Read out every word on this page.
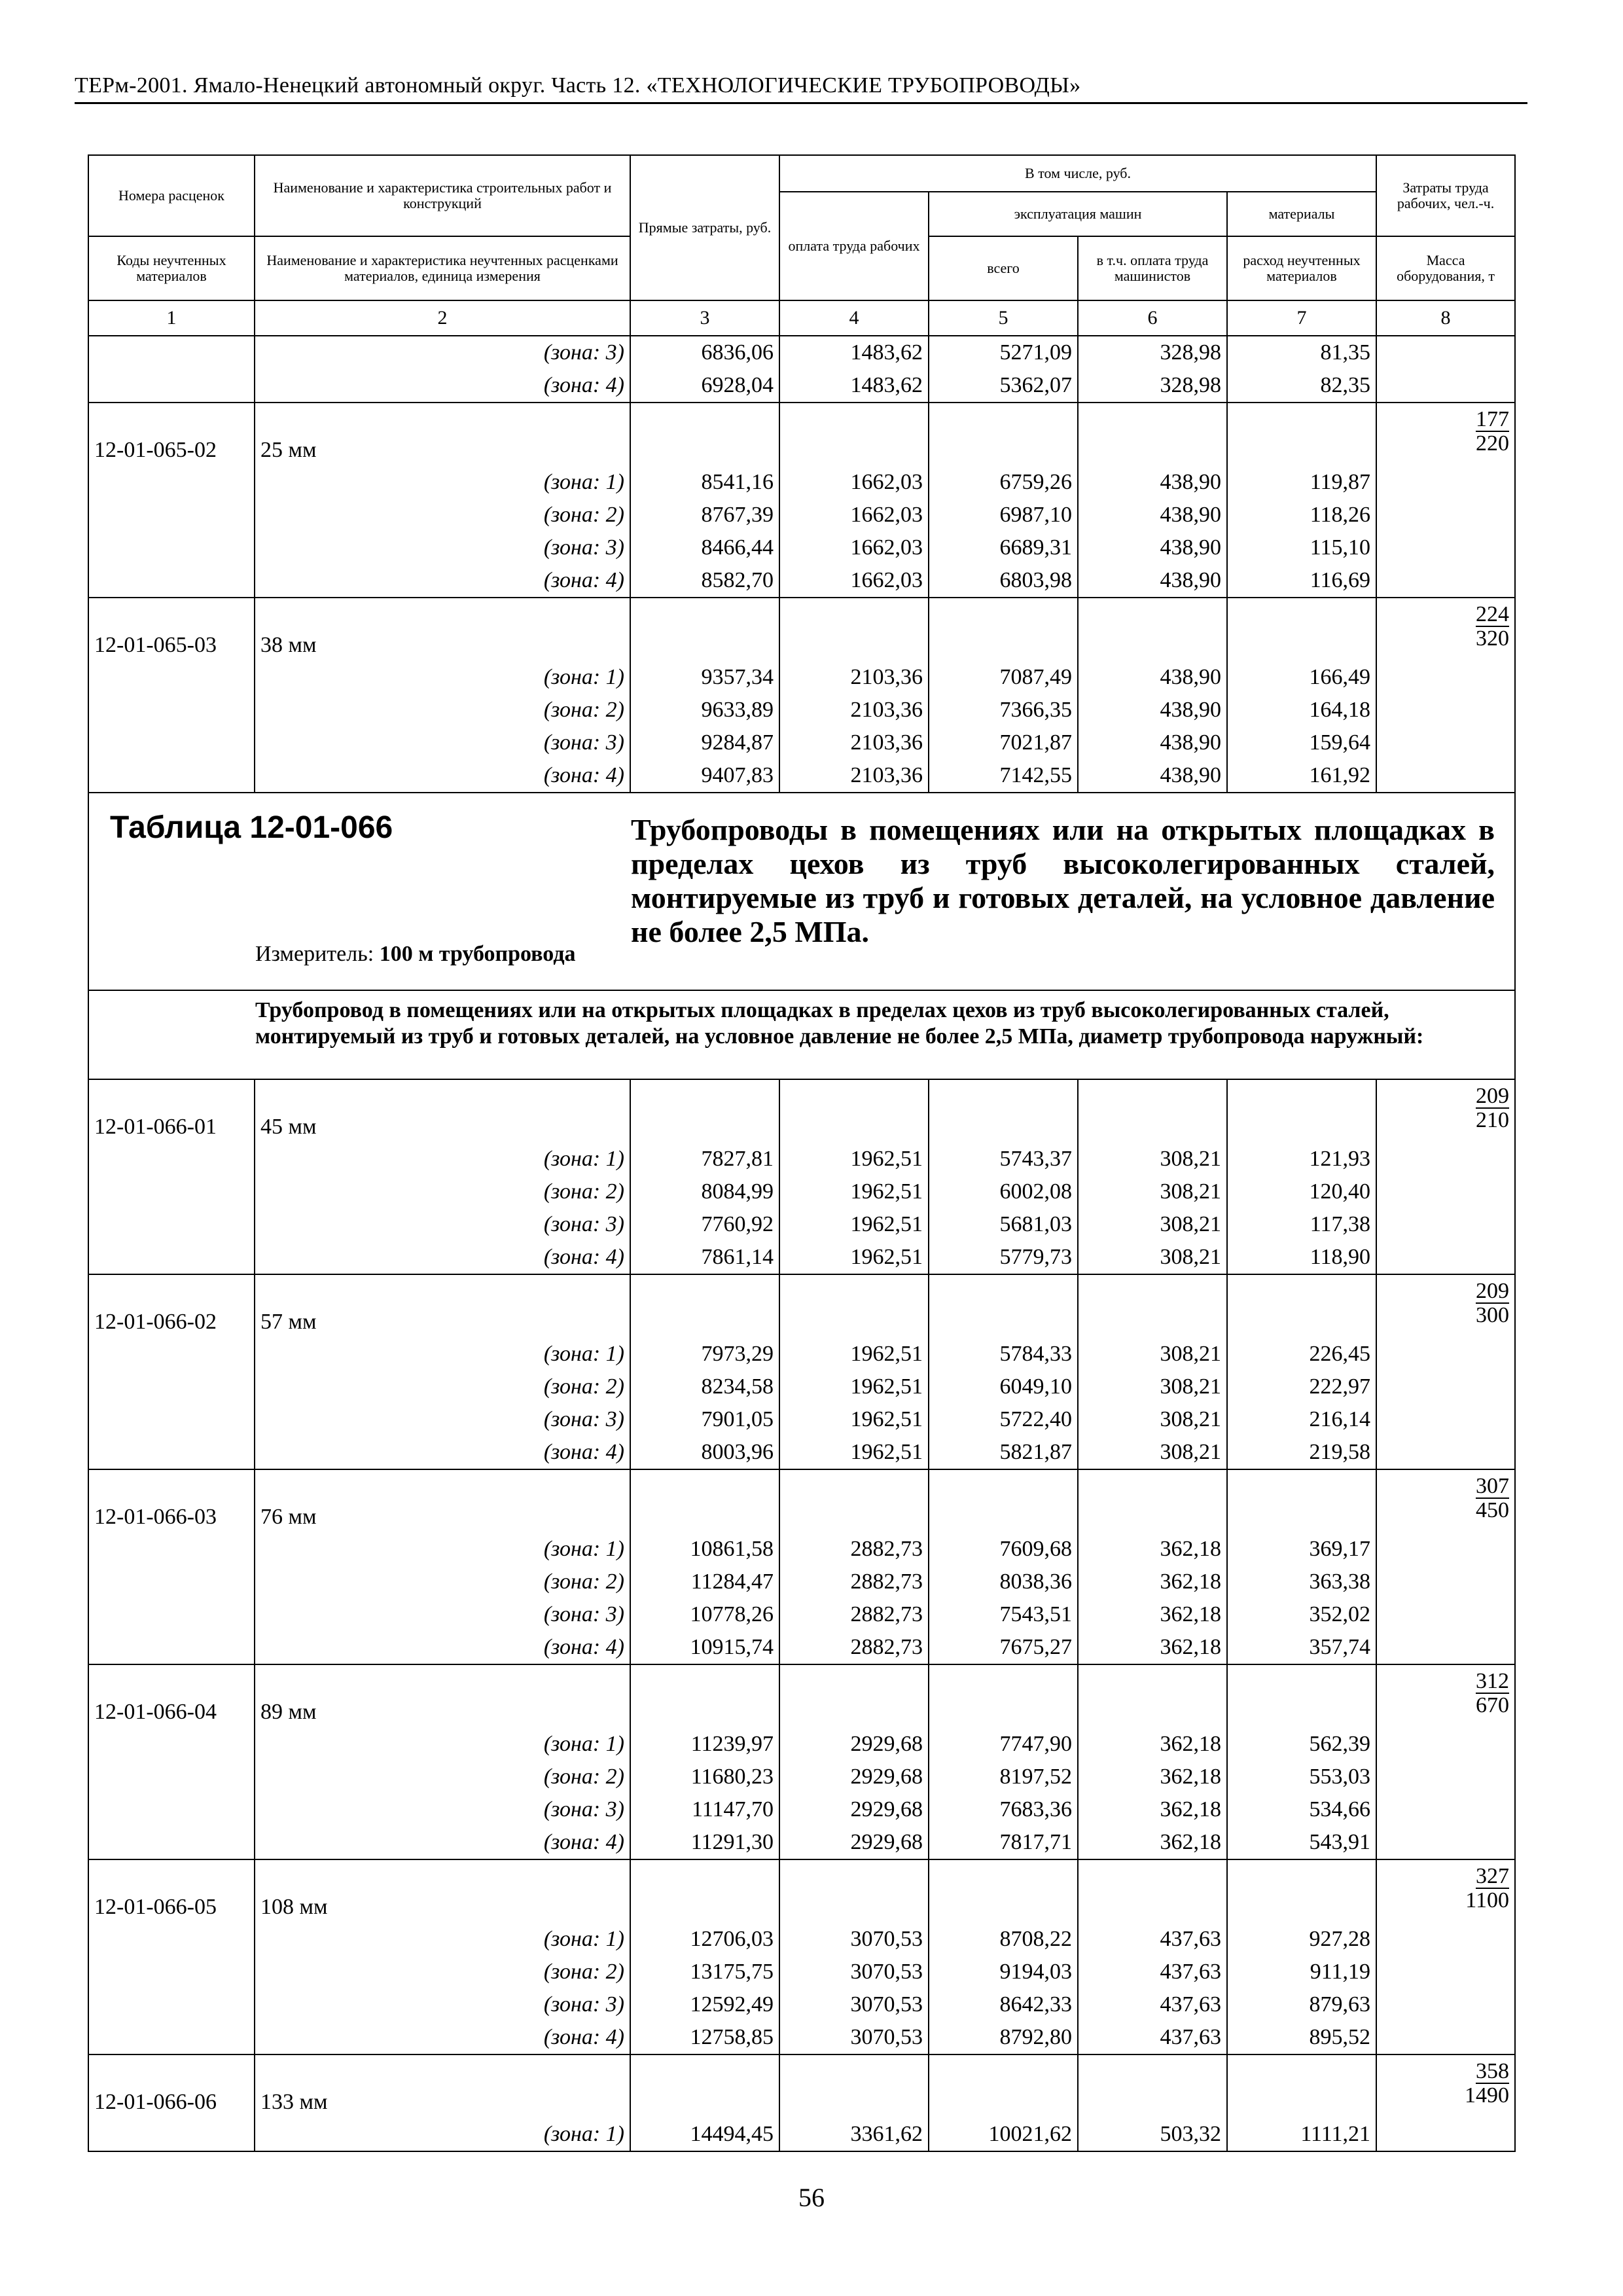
ТЕРм-2001. Ямало-Ненецкий автономный округ. Часть 12. «ТЕХНОЛОГИЧЕСКИЕ ТРУБОПРОВОДЫ»
Номера расценок	Наименование и характеристика строительных работ и конструкций	Прямые затраты, руб.	В том числе, руб.				Затраты труда рабочих, чел.-ч.
			оплата труда рабочих	эксплуатация машин		материалы	
Коды неучтенных материалов	Наименование и характеристика неучтенных расценками материалов, единица измерения			всего	в т.ч. оплата труда машинистов	расход неучтенных материалов	Масса оборудования, т
1	2	3	4	5	6	7	8
	(зона: 3)	6836,06	1483,62	5271,09	328,98	81,35	
	(зона: 4)	6928,04	1483,62	5362,07	328,98	82,35	
12-01-065-02	25 мм						177
220

	(зона: 1)	8541,16	1662,03	6759,26	438,90	119,87	
	(зона: 2)	8767,39	1662,03	6987,10	438,90	118,26	
	(зона: 3)	8466,44	1662,03	6689,31	438,90	115,10	
	(зона: 4)	8582,70	1662,03	6803,98	438,90	116,69	
12-01-065-03	38 мм						224
320

	(зона: 1)	9357,34	2103,36	7087,49	438,90	166,49	
	(зона: 2)	9633,89	2103,36	7366,35	438,90	164,18	
	(зона: 3)	9284,87	2103,36	7021,87	438,90	159,64	
	(зона: 4)	9407,83	2103,36	7142,55	438,90	161,92	

Таблица 12-01-066 Трубопроводы в помещениях или на открытых площадках в пределах цехов из труб высоколегированных сталей, монтируемые из труб и готовых деталей, на условное давление не более 2,5 МПа.
Измеритель: 100 м трубопровода							

Трубопровод в помещениях или на открытых площадках в пределах цехов из труб высоколегированных сталей, монтируемый из труб и готовых деталей, на условное давление не более 2,5 МПа, диаметр трубопровода наружный:							

12-01-066-01	45 мм						209
210

	(зона: 1)	7827,81	1962,51	5743,37	308,21	121,93	
	(зона: 2)	8084,99	1962,51	6002,08	308,21	120,40	
	(зона: 3)	7760,92	1962,51	5681,03	308,21	117,38	
	(зона: 4)	7861,14	1962,51	5779,73	308,21	118,90	
12-01-066-02	57 мм						209
300

	(зона: 1)	7973,29	1962,51	5784,33	308,21	226,45	
	(зона: 2)	8234,58	1962,51	6049,10	308,21	222,97	
	(зона: 3)	7901,05	1962,51	5722,40	308,21	216,14	
	(зона: 4)	8003,96	1962,51	5821,87	308,21	219,58	
12-01-066-03	76 мм						307
450

	(зона: 1)	10861,58	2882,73	7609,68	362,18	369,17	
	(зона: 2)	11284,47	2882,73	8038,36	362,18	363,38	
	(зона: 3)	10778,26	2882,73	7543,51	362,18	352,02	
	(зона: 4)	10915,74	2882,73	7675,27	362,18	357,74	
12-01-066-04	89 мм						312
670

	(зона: 1)	11239,97	2929,68	7747,90	362,18	562,39	
	(зона: 2)	11680,23	2929,68	8197,52	362,18	553,03	
	(зона: 3)	11147,70	2929,68	7683,36	362,18	534,66	
	(зона: 4)	11291,30	2929,68	7817,71	362,18	543,91	
12-01-066-05	108 мм						327
1100

	(зона: 1)	12706,03	3070,53	8708,22	437,63	927,28	
	(зона: 2)	13175,75	3070,53	9194,03	437,63	911,19	
	(зона: 3)	12592,49	3070,53	8642,33	437,63	879,63	
	(зона: 4)	12758,85	3070,53	8792,80	437,63	895,52	
12-01-066-06	133 мм						358
1490

	(зона: 1)	14494,45	3361,62	10021,62	503,32	1111,21	
56
